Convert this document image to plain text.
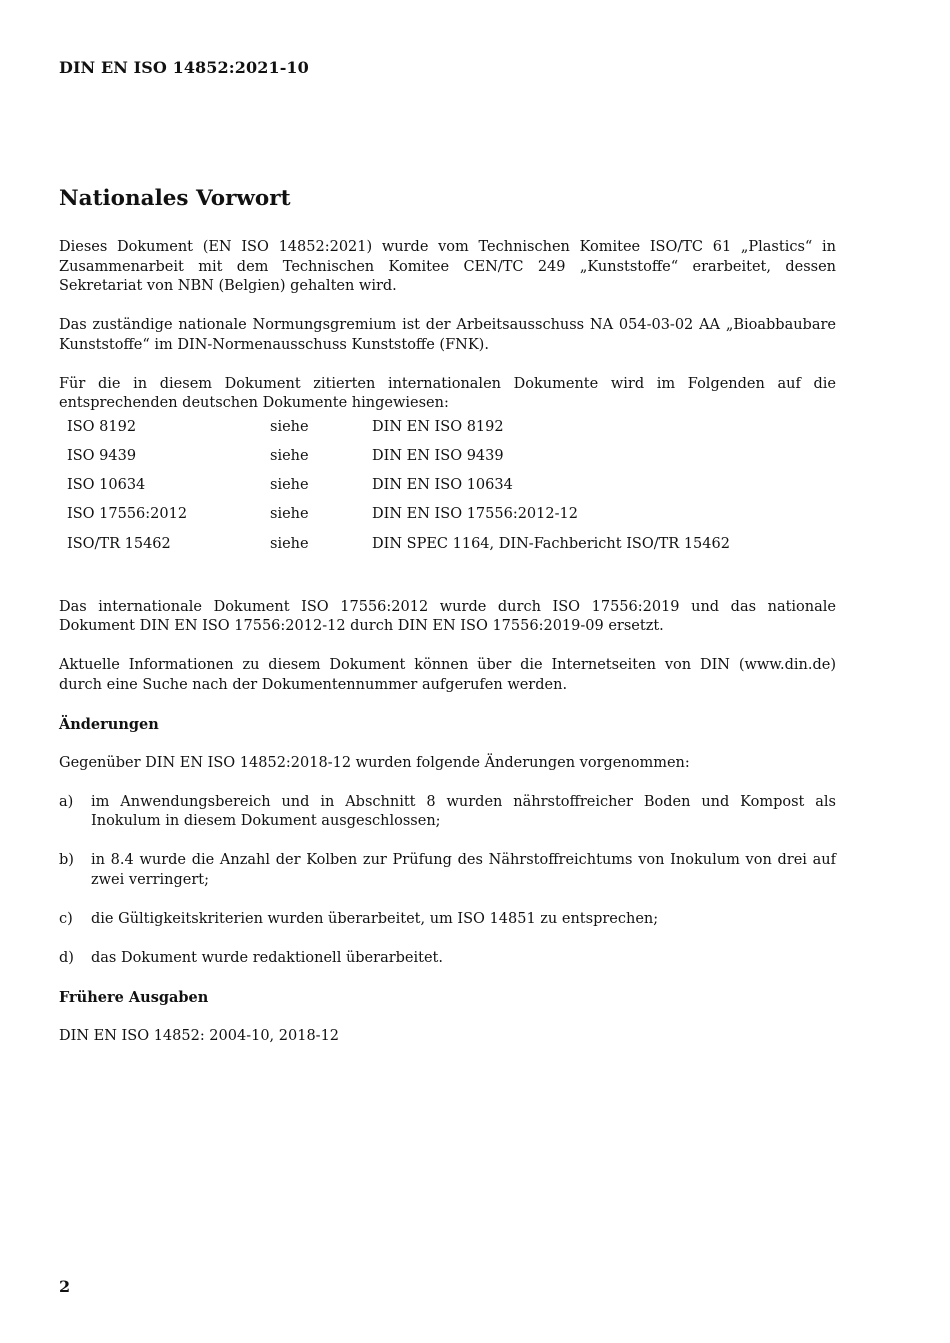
DIN EN ISO 14852:2021-10
Nationales Vorwort

Dieses Dokument (EN ISO 14852:2021) wurde vom Technischen Komitee ISO/TC 61 „Plastics“ in Zusammenarbeit mit dem Technischen Komitee CEN/TC 249 „Kunststoffe“ erarbeitet, dessen Sekretariat von NBN (Belgien) gehalten wird.

Das zuständige nationale Normungsgremium ist der Arbeitsausschuss NA 054-03-02 AA „Bioabbaubare Kunststoffe“ im DIN-Normenausschuss Kunststoffe (FNK).

Für die in diesem Dokument zitierten internationalen Dokumente wird im Folgenden auf die entsprechenden deutschen Dokumente hingewiesen:

ISO 8192	siehe	DIN EN ISO 8192
ISO 9439	siehe	DIN EN ISO 9439
ISO 10634	siehe	DIN EN ISO 10634
ISO 17556:2012	siehe	DIN EN ISO 17556:2012-12
ISO/TR 15462	siehe	DIN SPEC 1164, DIN-Fachbericht ISO/TR 15462

Das internationale Dokument ISO 17556:2012 wurde durch ISO 17556:2019 und das nationale Dokument DIN EN ISO 17556:2012-12 durch DIN EN ISO 17556:2019-09 ersetzt.

Aktuelle Informationen zu diesem Dokument können über die Internetseiten von DIN (www.din.de) durch eine Suche nach der Dokumentennummer aufgerufen werden.

Änderungen

Gegenüber DIN EN ISO 14852:2018-12 wurden folgende Änderungen vorgenommen:

a)	im Anwendungsbereich und in Abschnitt 8 wurden nährstoffreicher Boden und Kompost als Inokulum in diesem Dokument ausgeschlossen;
b)	in 8.4 wurde die Anzahl der Kolben zur Prüfung des Nährstoffreichtums von Inokulum von drei auf zwei verringert;
c)	die Gültigkeitskriterien wurden überarbeitet, um ISO 14851 zu entsprechen;
d)	das Dokument wurde redaktionell überarbeitet.
Frühere Ausgaben

DIN EN ISO 14852: 2004-10, 2018-12

2
